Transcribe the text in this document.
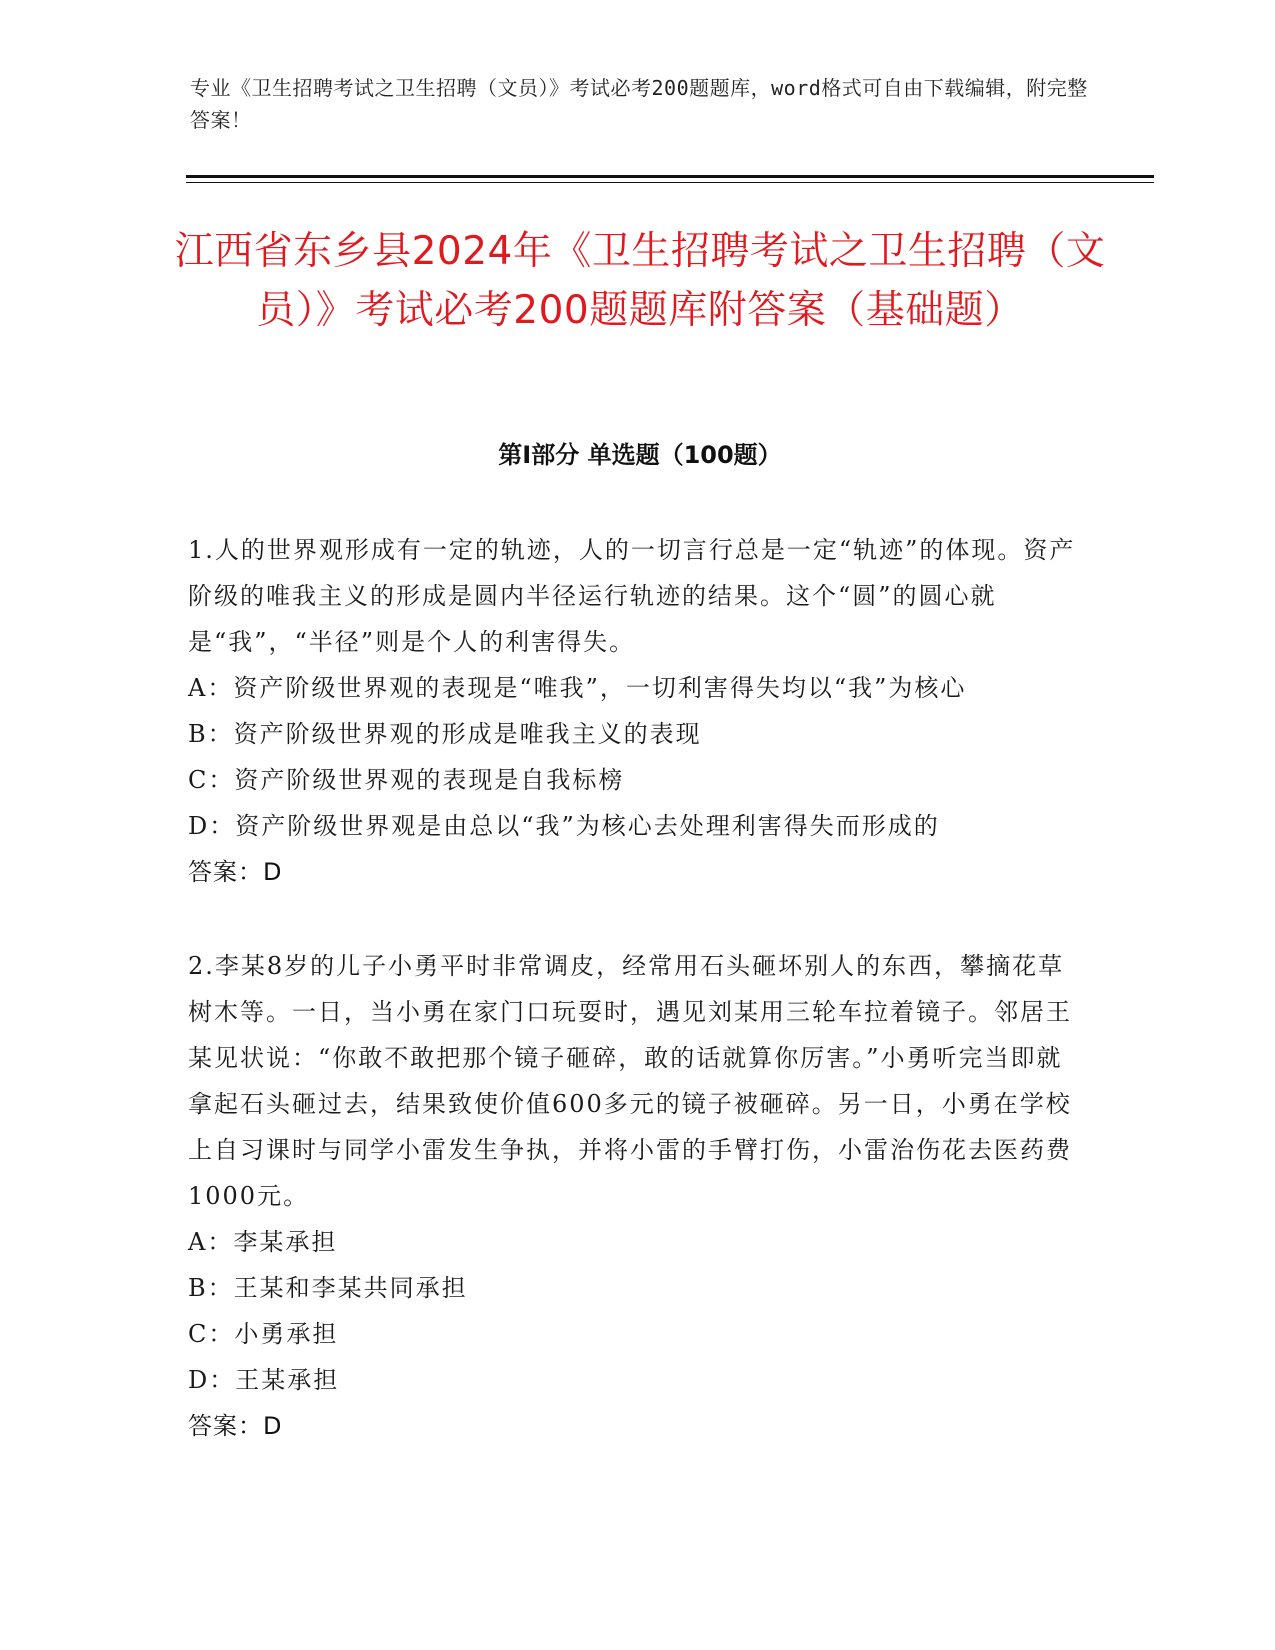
专业《卫生招聘考试之卫生招聘（文员）》考试必考200题题库，word格式可自由下载编辑，附完整答案！
江西省东乡县2024年《卫生招聘考试之卫生招聘（文员）》考试必考200题题库附答案（基础题）
第I部分 单选题（100题）

1.人的世界观形成有一定的轨迹，人的一切言行总是一定“轨迹”的体现。资产阶级的唯我主义的形成是圆内半径运行轨迹的结果。这个“圆”的圆心就是“我”，“半径”则是个人的利害得失。

A：资产阶级世界观的表现是“唯我”，一切利害得失均以“我”为核心

B：资产阶级世界观的形成是唯我主义的表现

C：资产阶级世界观的表现是自我标榜

D：资产阶级世界观是由总以“我”为核心去处理利害得失而形成的

答案：D

2.李某8岁的儿子小勇平时非常调皮，经常用石头砸坏别人的东西，攀摘花草树木等。一日，当小勇在家门口玩耍时，遇见刘某用三轮车拉着镜子。邻居王某见状说：“你敢不敢把那个镜子砸碎，敢的话就算你厉害。”小勇听完当即就拿起石头砸过去，结果致使价值600多元的镜子被砸碎。另一日，小勇在学校上自习课时与同学小雷发生争执，并将小雷的手臂打伤，小雷治伤花去医药费1000元。

A：李某承担

B：王某和李某共同承担

C：小勇承担

D：王某承担

答案：D
